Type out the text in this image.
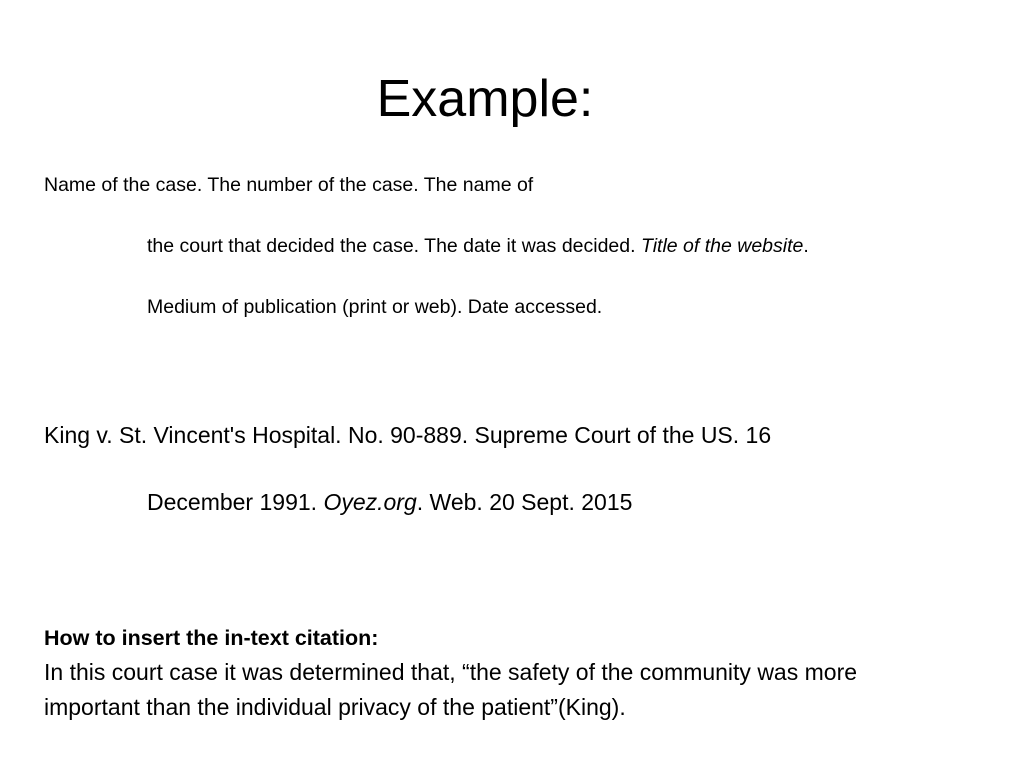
Example:
Name of the case. The number of the case. The name of
the court that decided the case. The date it was decided. Title of the website.
Medium of publication (print or web). Date accessed.
King v. St. Vincent's Hospital. No. 90-889. Supreme Court of the US. 16
December 1991. Oyez.org. Web. 20 Sept. 2015
How to insert the in-text citation:
In this court case it was determined that, “the safety of the community was more
important than the individual privacy of the patient”(King).
